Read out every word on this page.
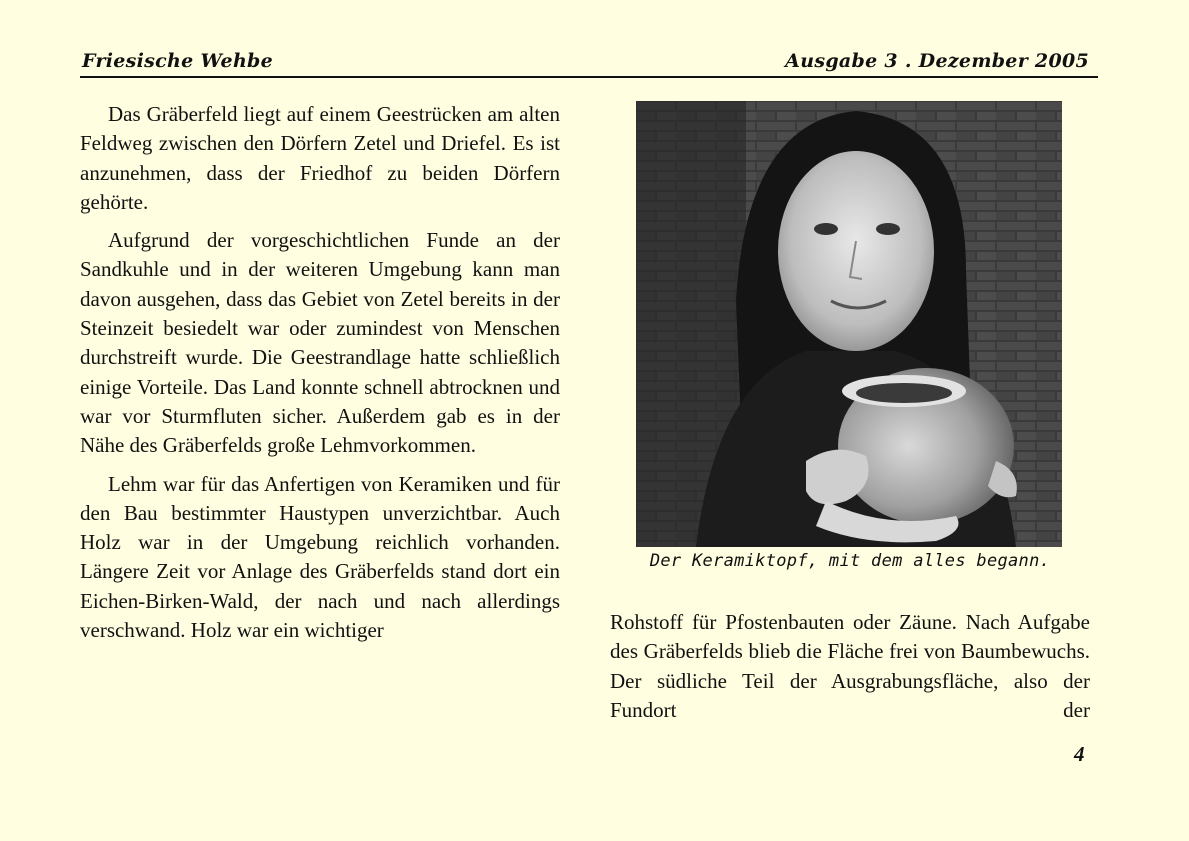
Friesische Wehbe	Ausgabe 3 . Dezember 2005

Das Gräberfeld liegt auf einem Geestrücken am alten Feldweg zwischen den Dörfern Zetel und Driefel. Es ist anzunehmen, dass der Friedhof zu beiden Dörfern gehörte.

Aufgrund der vorgeschichtlichen Funde an der Sandkuhle und in der weiteren Umgebung kann man davon ausgehen, dass das Gebiet von Zetel bereits in der Steinzeit besiedelt war oder zumindest von Menschen durchstreift wurde. Die Geestrandlage hatte schließlich einige Vorteile. Das Land konnte schnell abtrocknen und war vor Sturmfluten sicher. Außerdem gab es in der Nähe des Gräberfelds große Lehmvorkommen.

Lehm war für das Anfertigen von Keramiken und für den Bau bestimmter Haustypen unverzichtbar. Auch Holz war in der Umgebung reichlich vorhanden. Längere Zeit vor Anlage des Gräberfelds stand dort ein Eichen-Birken-Wald, der nach und nach allerdings verschwand. Holz war ein wichtiger

Der Keramiktopf, mit dem alles begann.

Rohstoff für Pfostenbauten oder Zäune. Nach Aufgabe des Gräberfelds blieb die Fläche frei von Baumbewuchs. Der südliche Teil der Ausgrabungsfläche, also der Fundort der

4
